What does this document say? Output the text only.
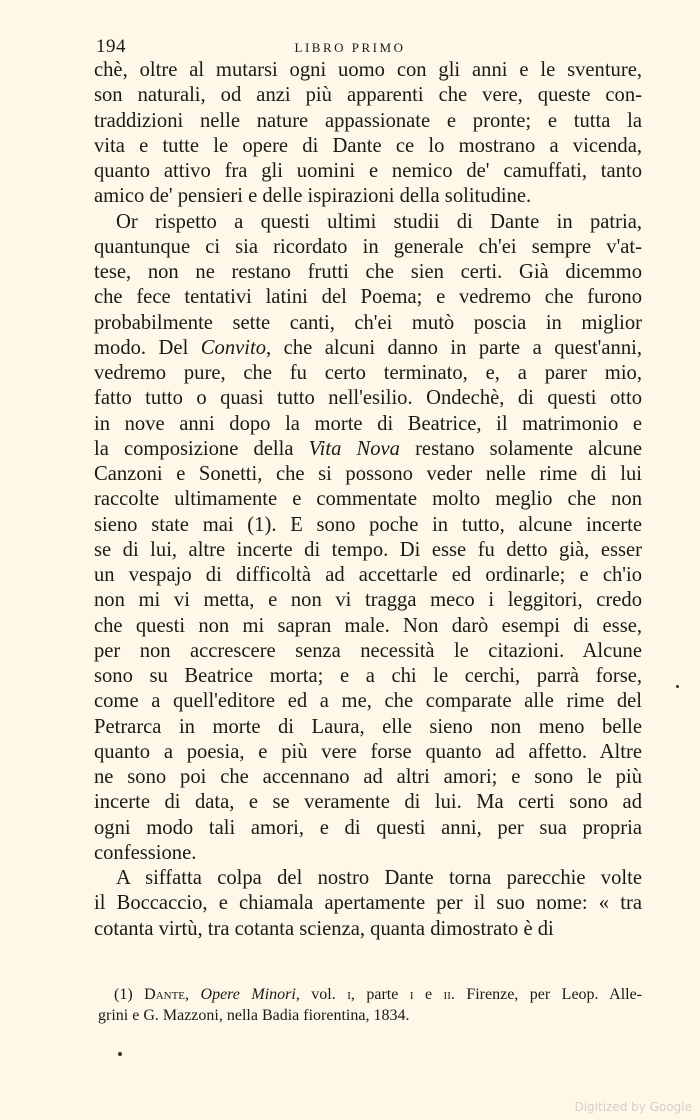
194	LIBRO PRIMO
chè, oltre al mutarsi ogni uomo con gli anni e le sventure,
son naturali, od anzi più apparenti che vere, queste con-
traddizioni nelle nature appassionate e pronte; e tutta la
vita e tutte le opere di Dante ce lo mostrano a vicenda,
quanto attivo fra gli uomini e nemico de' camuffati, tanto
amico de' pensieri e delle ispirazioni della solitudine.
Or rispetto a questi ultimi studii di Dante in patria,
quantunque ci sia ricordato in generale ch'ei sempre v'at-
tese, non ne restano frutti che sien certi. Già dicemmo
che fece tentativi latini del Poema; e vedremo che furono
probabilmente sette canti, ch'ei mutò poscia in miglior
modo. Del Convito, che alcuni danno in parte a quest'anni,
vedremo pure, che fu certo terminato, e, a parer mio,
fatto tutto o quasi tutto nell'esilio. Ondechè, di questi otto
in nove anni dopo la morte di Beatrice, il matrimonio e
la composizione della Vita Nova restano solamente alcune
Canzoni e Sonetti, che si possono veder nelle rime di lui
raccolte ultimamente e commentate molto meglio che non
sieno state mai (1). E sono poche in tutto, alcune incerte
se di lui, altre incerte di tempo. Di esse fu detto già, esser
un vespajo di difficoltà ad accettarle ed ordinarle; e ch'io
non mi vi metta, e non vi tragga meco i leggitori, credo
che questi non mi sapran male. Non darò esempi di esse,
per non accrescere senza necessità le citazioni. Alcune
sono su Beatrice morta; e a chi le cerchi, parrà forse,
come a quell'editore ed a me, che comparate alle rime del
Petrarca in morte di Laura, elle sieno non meno belle
quanto a poesia, e più vere forse quanto ad affetto. Altre
ne sono poi che accennano ad altri amori; e sono le più
incerte di data, e se veramente di lui. Ma certi sono ad
ogni modo tali amori, e di questi anni, per sua propria
confessione.
A siffatta colpa del nostro Dante torna parecchie volte
il Boccaccio, e chiamala apertamente per il suo nome: « tra
cotanta virtù, tra cotanta scienza, quanta dimostrato è di
(1) Dante, Opere Minori, vol. i, parte i e ii. Firenze, per Leop. Alle-
grini e G. Mazzoni, nella Badia fiorentina, 1834.
Digitized by Google
